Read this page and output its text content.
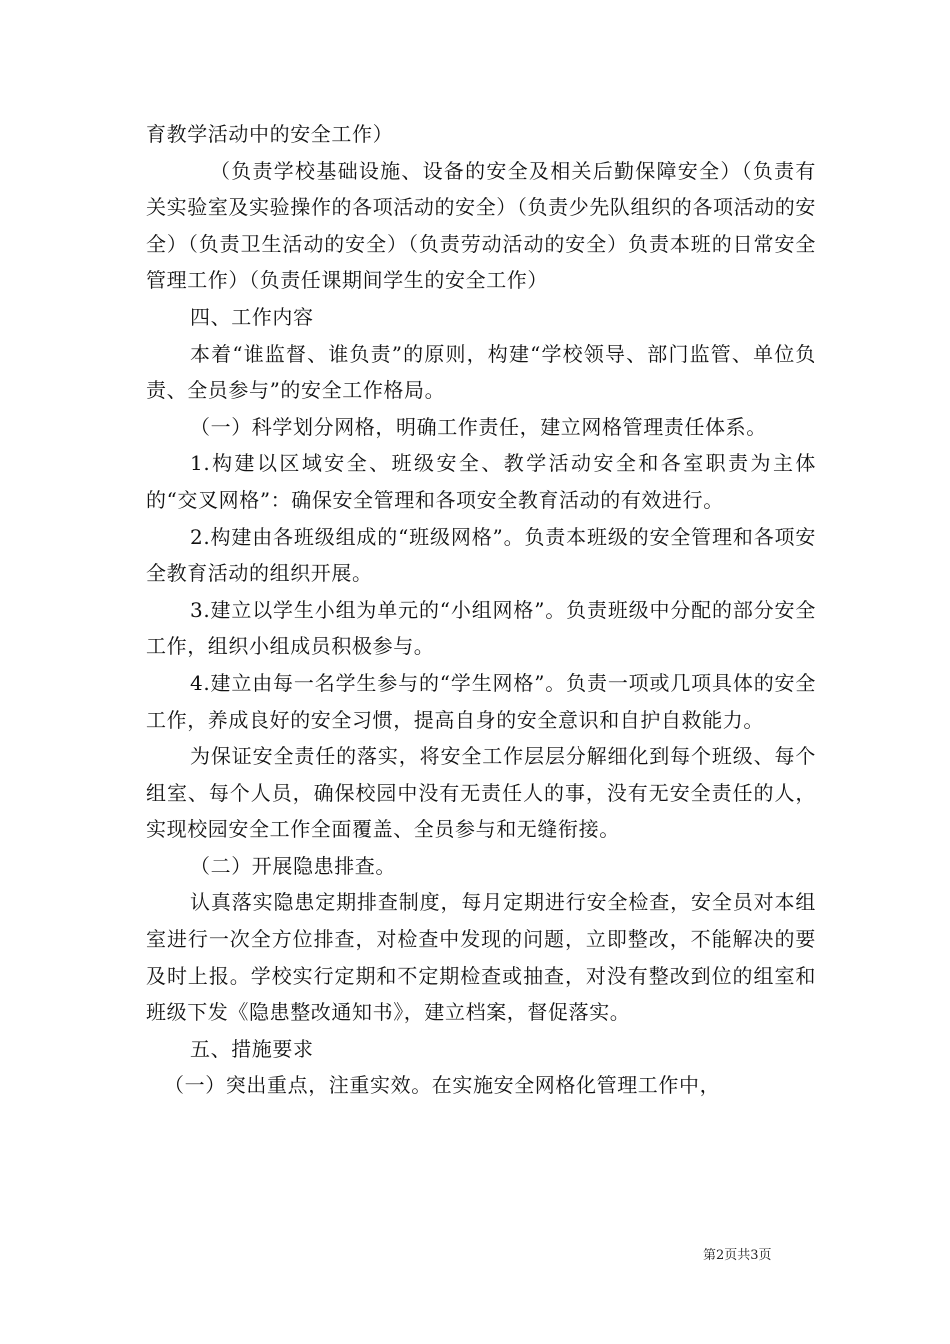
育教学活动中的安全工作）

（负责学校基础设施、设备的安全及相关后勤保障安全）（负责有关实验室及实验操作的各项活动的安全）（负责少先队组织的各项活动的安全）（负责卫生活动的安全）（负责劳动活动的安全）负责本班的日常安全管理工作）（负责任课期间学生的安全工作）

四、工作内容

本着“谁监督、谁负责”的原则，构建“学校领导、部门监管、单位负责、全员参与”的安全工作格局。

（一）科学划分网格，明确工作责任，建立网格管理责任体系。

1.构建以区域安全、班级安全、教学活动安全和各室职责为主体的“交叉网格”：确保安全管理和各项安全教育活动的有效进行。

2.构建由各班级组成的“班级网格”。负责本班级的安全管理和各项安全教育活动的组织开展。

3.建立以学生小组为单元的“小组网格”。负责班级中分配的部分安全工作，组织小组成员积极参与。

4.建立由每一名学生参与的“学生网格”。负责一项或几项具体的安全工作，养成良好的安全习惯，提高自身的安全意识和自护自救能力。

为保证安全责任的落实，将安全工作层层分解细化到每个班级、每个组室、每个人员，确保校园中没有无责任人的事，没有无安全责任的人，实现校园安全工作全面覆盖、全员参与和无缝衔接。

（二）开展隐患排查。

认真落实隐患定期排查制度，每月定期进行安全检查，安全员对本组室进行一次全方位排查，对检查中发现的问题，立即整改，不能解决的要及时上报。学校实行定期和不定期检查或抽查，对没有整改到位的组室和班级下发《隐患整改通知书》，建立档案，督促落实。

五、措施要求

（一）突出重点，注重实效。在实施安全网格化管理工作中，

第2页共3页
